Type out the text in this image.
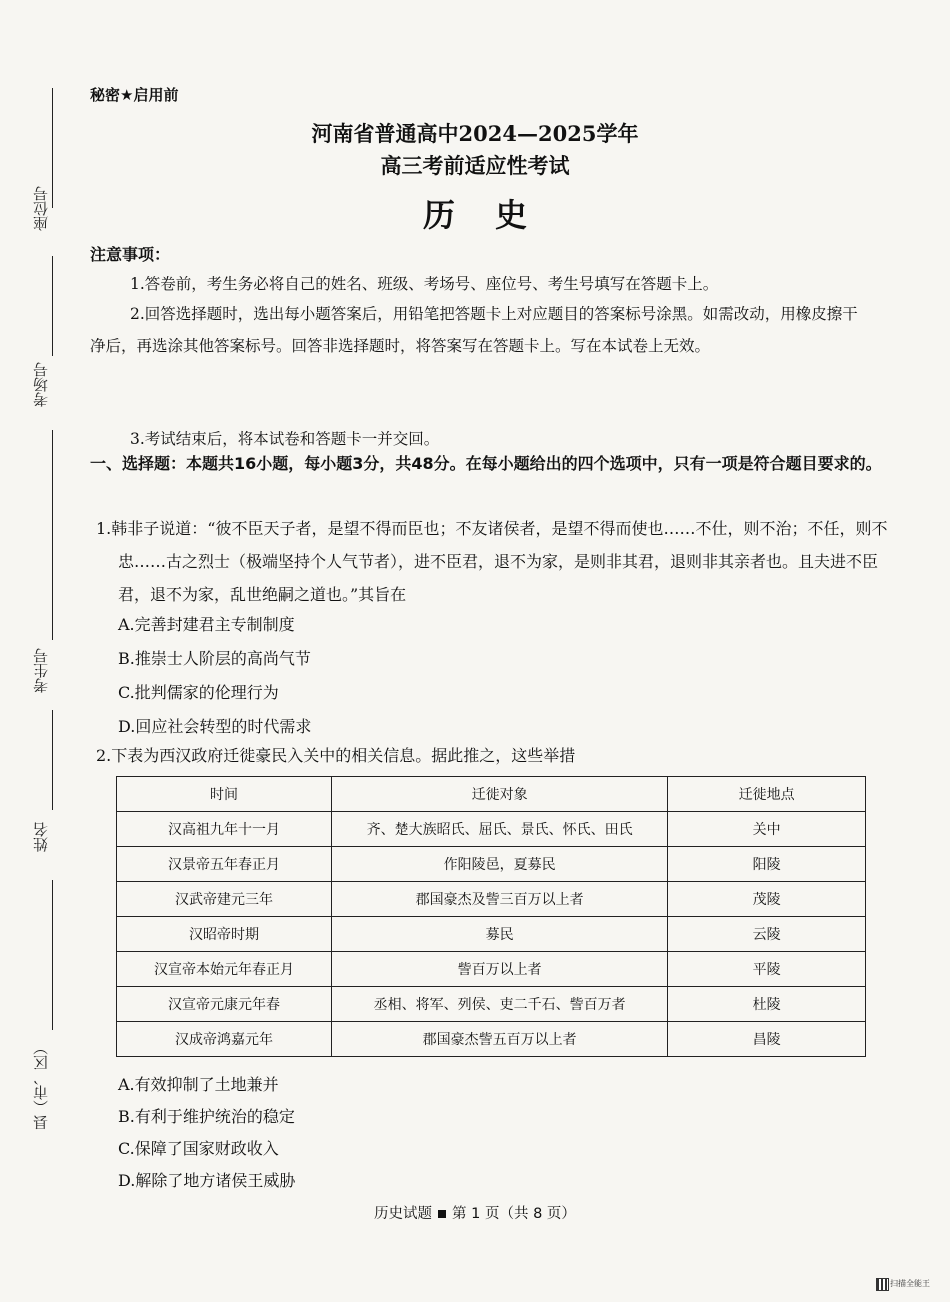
座位号
考场号
考生号
姓名
县（市、区）
秘密★启用前
河南省普通高中2024—2025学年
高三考前适应性考试
历史
注意事项：
1.答卷前，考生务必将自己的姓名、班级、考场号、座位号、考生号填写在答题卡上。
2.回答选择题时，选出每小题答案后，用铅笔把答题卡上对应题目的答案标号涂黑。如需改动，用橡皮擦干净后，再选涂其他答案标号。回答非选择题时，将答案写在答题卡上。写在本试卷上无效。
3.考试结束后，将本试卷和答题卡一并交回。
一、选择题：本题共16小题，每小题3分，共48分。在每小题给出的四个选项中，只有一项是符合题目要求的。
1.韩非子说道：“彼不臣天子者，是望不得而臣也；不友诸侯者，是望不得而使也……不仕，则不治；不任，则不忠……古之烈士（极端坚持个人气节者），进不臣君，退不为家，是则非其君，退则非其亲者也。且夫进不臣君，退不为家，乱世绝嗣之道也。”其旨在
A.完善封建君主专制制度
B.推崇士人阶层的高尚气节
C.批判儒家的伦理行为
D.回应社会转型的时代需求
2.下表为西汉政府迁徙豪民入关中的相关信息。据此推之，这些举措
时间	迁徙对象	迁徙地点
汉高祖九年十一月	齐、楚大族昭氏、屈氏、景氏、怀氏、田氏	关中
汉景帝五年春正月	作阳陵邑，夏募民	阳陵
汉武帝建元三年	郡国豪杰及訾三百万以上者	茂陵
汉昭帝时期	募民	云陵
汉宣帝本始元年春正月	訾百万以上者	平陵
汉宣帝元康元年春	丞相、将军、列侯、吏二千石、訾百万者	杜陵
汉成帝鸿嘉元年	郡国豪杰訾五百万以上者	昌陵
A.有效抑制了土地兼并
B.有利于维护统治的稳定
C.保障了国家财政收入
D.解除了地方诸侯王威胁
历史试题 第 1 页（共 8 页）
扫描全能王
